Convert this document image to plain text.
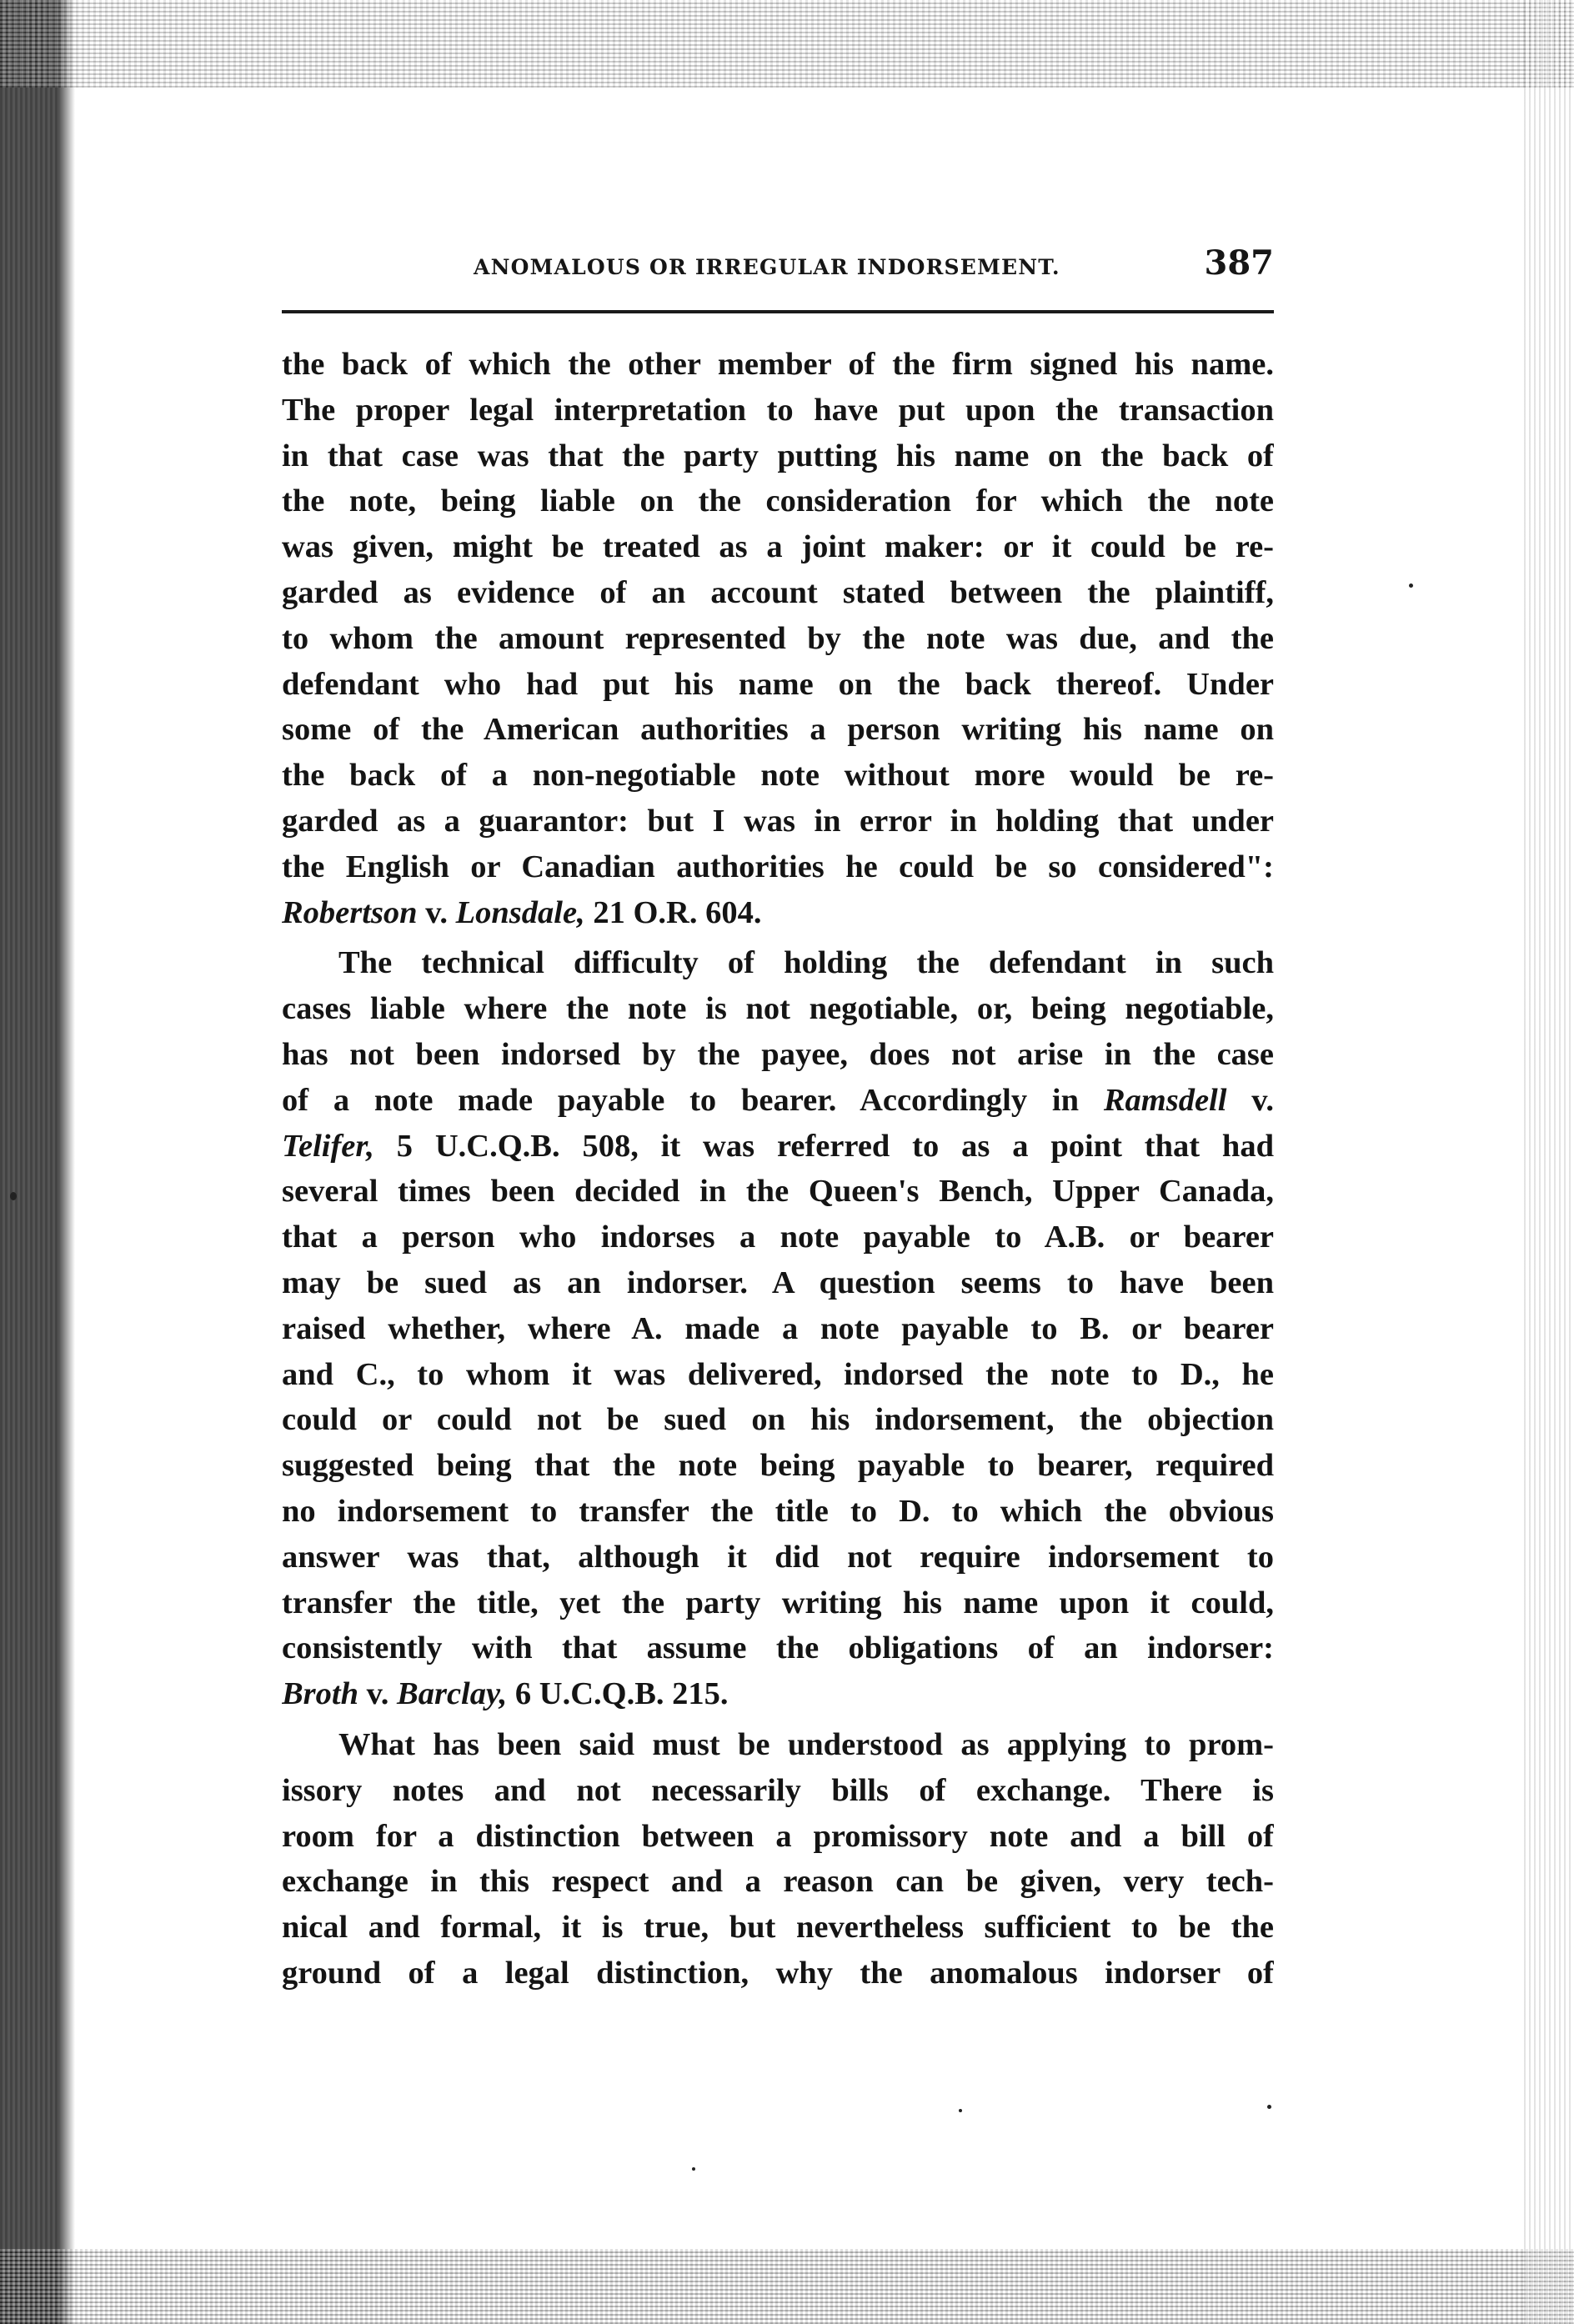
ANOMALOUS OR IRREGULAR INDORSEMENT.	387
the back of which the other member of the firm signed his name.
The proper legal interpretation to have put upon the transaction
in that case was that the party putting his name on the back of
the note, being liable on the consideration for which the note
was given, might be treated as a joint maker: or it could be re-
garded as evidence of an account stated between the plaintiff,
to whom the amount represented by the note was due, and the
defendant who had put his name on the back thereof. Under
some of the American authorities a person writing his name on
the back of a non-negotiable note without more would be re-
garded as a guarantor: but I was in error in holding that under
the English or Canadian authorities he could be so considered":
Robertson v. Lonsdale, 21 O.R. 604.
The technical difficulty of holding the defendant in such
cases liable where the note is not negotiable, or, being negotiable,
has not been indorsed by the payee, does not arise in the case
of a note made payable to bearer. Accordingly in Ramsdell v.
Telifer, 5 U.C.Q.B. 508, it was referred to as a point that had
several times been decided in the Queen's Bench, Upper Canada,
that a person who indorses a note payable to A.B. or bearer
may be sued as an indorser. A question seems to have been
raised whether, where A. made a note payable to B. or bearer
and C., to whom it was delivered, indorsed the note to D., he
could or could not be sued on his indorsement, the objection
suggested being that the note being payable to bearer, required
no indorsement to transfer the title to D. to which the obvious
answer was that, although it did not require indorsement to
transfer the title, yet the party writing his name upon it could,
consistently with that assume the obligations of an indorser:
Broth v. Barclay, 6 U.C.Q.B. 215.
What has been said must be understood as applying to prom-
issory notes and not necessarily bills of exchange. There is
room for a distinction between a promissory note and a bill of
exchange in this respect and a reason can be given, very tech-
nical and formal, it is true, but nevertheless sufficient to be the
ground of a legal distinction, why the anomalous indorser of
